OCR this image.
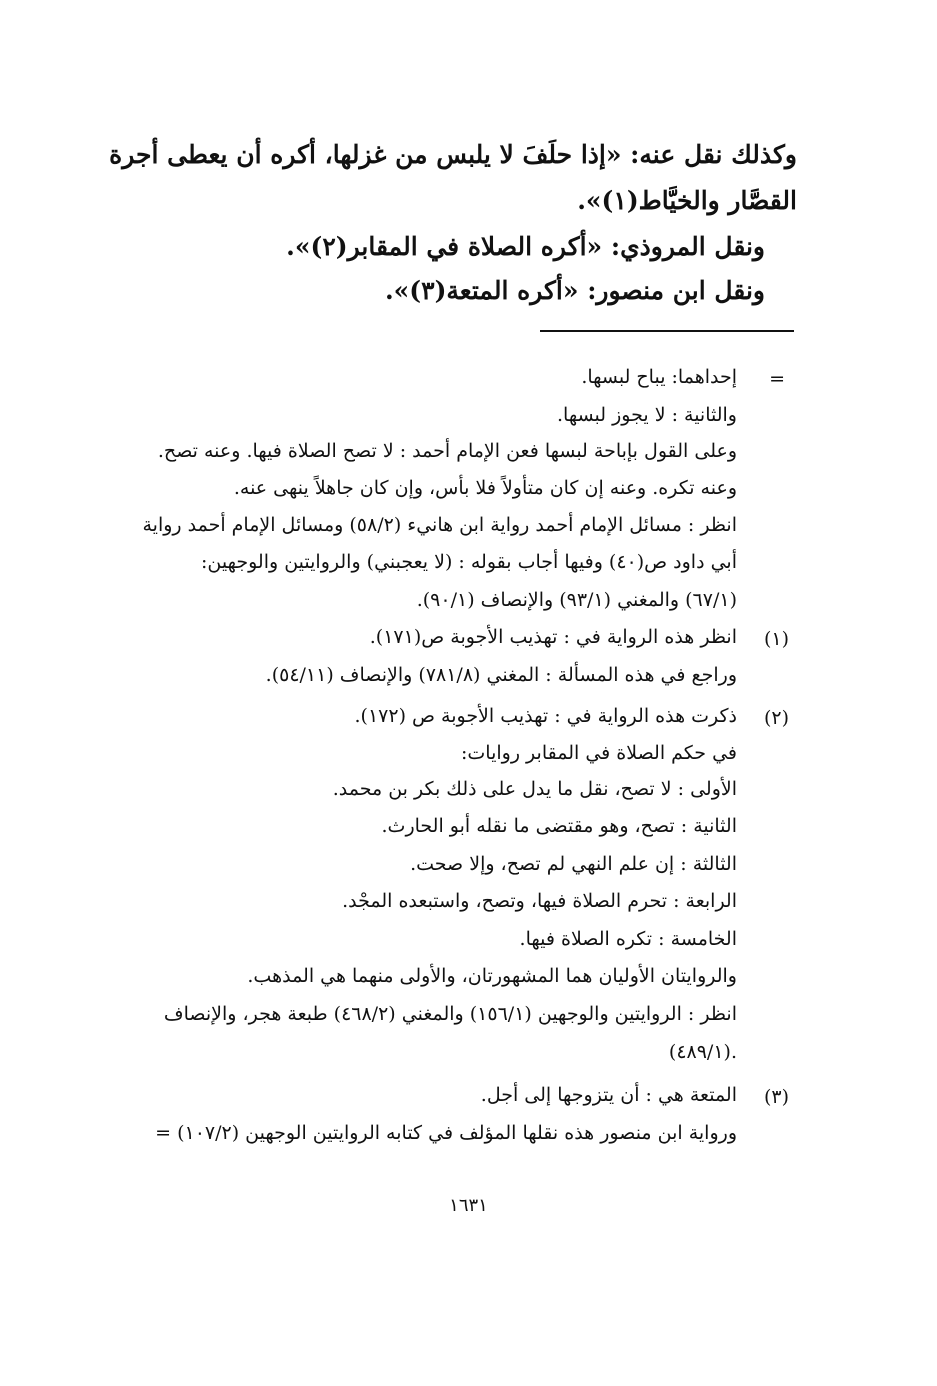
وكذلك نقل عنه: «إذا حلَفَ لا يلبس من غزلها، أكره أن يعطى أجرة
القصَّار والخيَّاط(١)».
ونقل المروذي: «أكره الصلاة في المقابر(٢)».
ونقل ابن منصور: «أكره المتعة(٣)».
=
إحداهما: يباح لبسها.
والثانية : لا يجوز لبسها.
وعلى القول بإباحة لبسها فعن الإمام أحمد : لا تصح الصلاة فيها. وعنه تصح.
وعنه تكره. وعنه إن كان متأولاً فلا بأس، وإن كان جاهلاً ينهى عنه.
انظر : مسائل الإمام أحمد رواية ابن هانيء (٥٨/٢) ومسائل الإمام أحمد رواية
أبي داود ص(٤٠) وفيها أجاب بقوله : (لا يعجبني) والروايتين والوجهين:
(٦٧/١) والمغني (٩٣/١) والإنصاف (٩٠/١).
(١)
انظر هذه الرواية في : تهذيب الأجوبة ص(١٧١).
وراجع في هذه المسألة : المغني (٧٨١/٨) والإنصاف (٥٤/١١).
(٢)
ذكرت هذه الرواية في : تهذيب الأجوبة ص (١٧٢).
في حكم الصلاة في المقابر روايات:
الأولى : لا تصح، نقل ما يدل على ذلك بكر بن محمد.
الثانية : تصح، وهو مقتضى ما نقله أبو الحارث.
الثالثة : إن علم النهي لم تصح، وإلا صحت.
الرابعة : تحرم الصلاة فيها، وتصح، واستبعده المجْد.
الخامسة : تكره الصلاة فيها.
والروايتان الأوليان هما المشهورتان، والأولى منهما هي المذهب.
انظر : الروايتين والوجهين (١٥٦/١) والمغني (٤٦٨/٢) طبعة هجر، والإنصاف
(٤٨٩/١).
(٣)
المتعة هي : أن يتزوجها إلى أجل.
ورواية ابن منصور هذه نقلها المؤلف في كتابه الروايتين الوجهين (١٠٧/٢) =
١٦٣١
